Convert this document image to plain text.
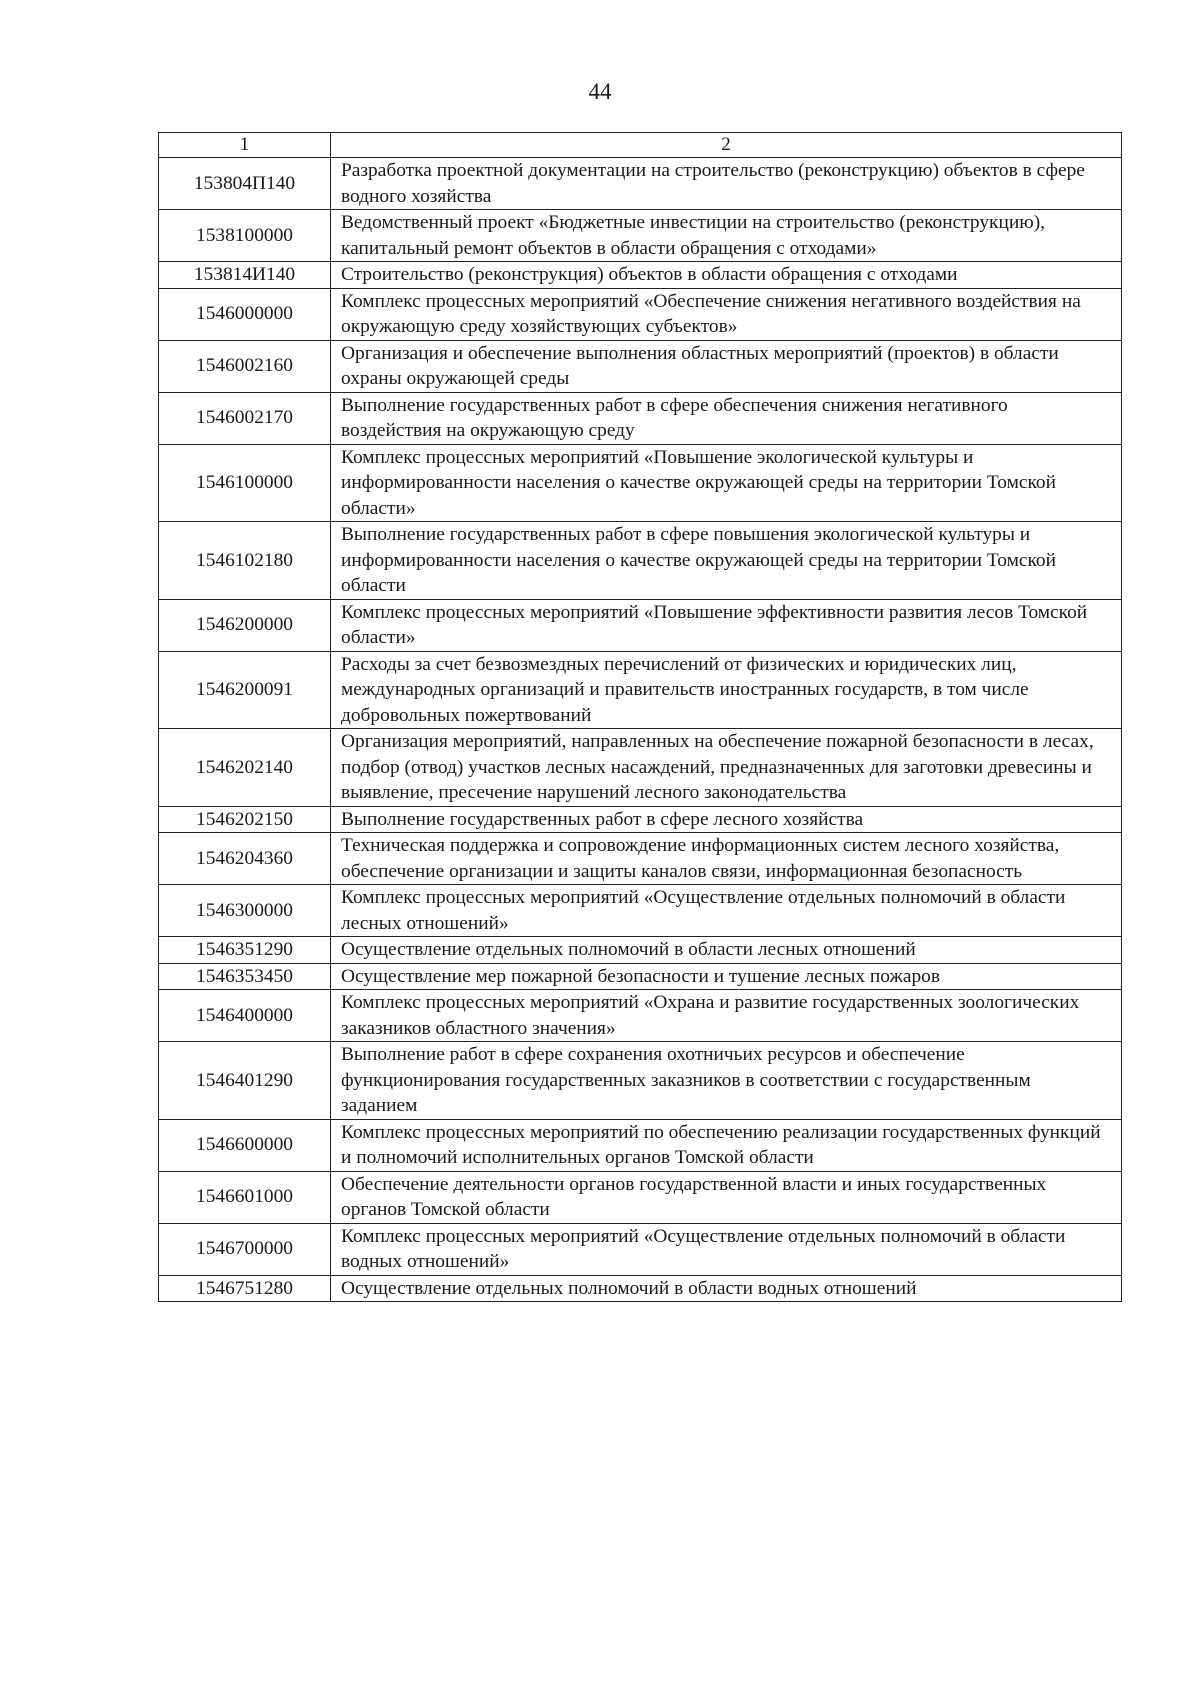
44
1	2
153804П140	Разработка проектной документации на строительство (реконструкцию) объектов в сфере водного хозяйства
1538100000	Ведомственный проект «Бюджетные инвестиции на строительство (реконструкцию), капитальный ремонт объектов в области обращения с отходами»
153814И140	Строительство (реконструкция) объектов в области обращения с отходами
1546000000	Комплекс процессных мероприятий «Обеспечение снижения негативного воздействия на окружающую среду хозяйствующих субъектов»
1546002160	Организация и обеспечение выполнения областных мероприятий (проектов) в области охраны окружающей среды
1546002170	Выполнение государственных работ в сфере обеспечения снижения негативного воздействия на окружающую среду
1546100000	Комплекс процессных мероприятий «Повышение экологической культуры и информированности населения о качестве окружающей среды на территории Томской области»
1546102180	Выполнение государственных работ в сфере повышения экологической культуры и информированности населения о качестве окружающей среды на территории Томской области
1546200000	Комплекс процессных мероприятий «Повышение эффективности развития лесов Томской области»
1546200091	Расходы за счет безвозмездных перечислений от физических и юридических лиц, международных организаций и правительств иностранных государств, в том числе добровольных пожертвований
1546202140	Организация мероприятий, направленных на обеспечение пожарной безопасности в лесах, подбор (отвод) участков лесных насаждений, предназначенных для заготовки древесины и выявление, пресечение нарушений лесного законодательства
1546202150	Выполнение государственных работ в сфере лесного хозяйства
1546204360	Техническая поддержка и сопровождение информационных систем лесного хозяйства, обеспечение организации и защиты каналов связи, информационная безопасность
1546300000	Комплекс процессных мероприятий «Осуществление отдельных полномочий в области лесных отношений»
1546351290	Осуществление отдельных полномочий в области лесных отношений
1546353450	Осуществление мер пожарной безопасности и тушение лесных пожаров
1546400000	Комплекс процессных мероприятий «Охрана и развитие государственных зоологических заказников областного значения»
1546401290	Выполнение работ в сфере сохранения охотничьих ресурсов и обеспечение функционирования государственных заказников в соответствии с государственным заданием
1546600000	Комплекс процессных мероприятий по обеспечению реализации государственных функций и полномочий исполнительных органов Томской области
1546601000	Обеспечение деятельности органов государственной власти и иных государственных органов Томской области
1546700000	Комплекс процессных мероприятий «Осуществление отдельных полномочий в области водных отношений»
1546751280	Осуществление отдельных полномочий в области водных отношений
